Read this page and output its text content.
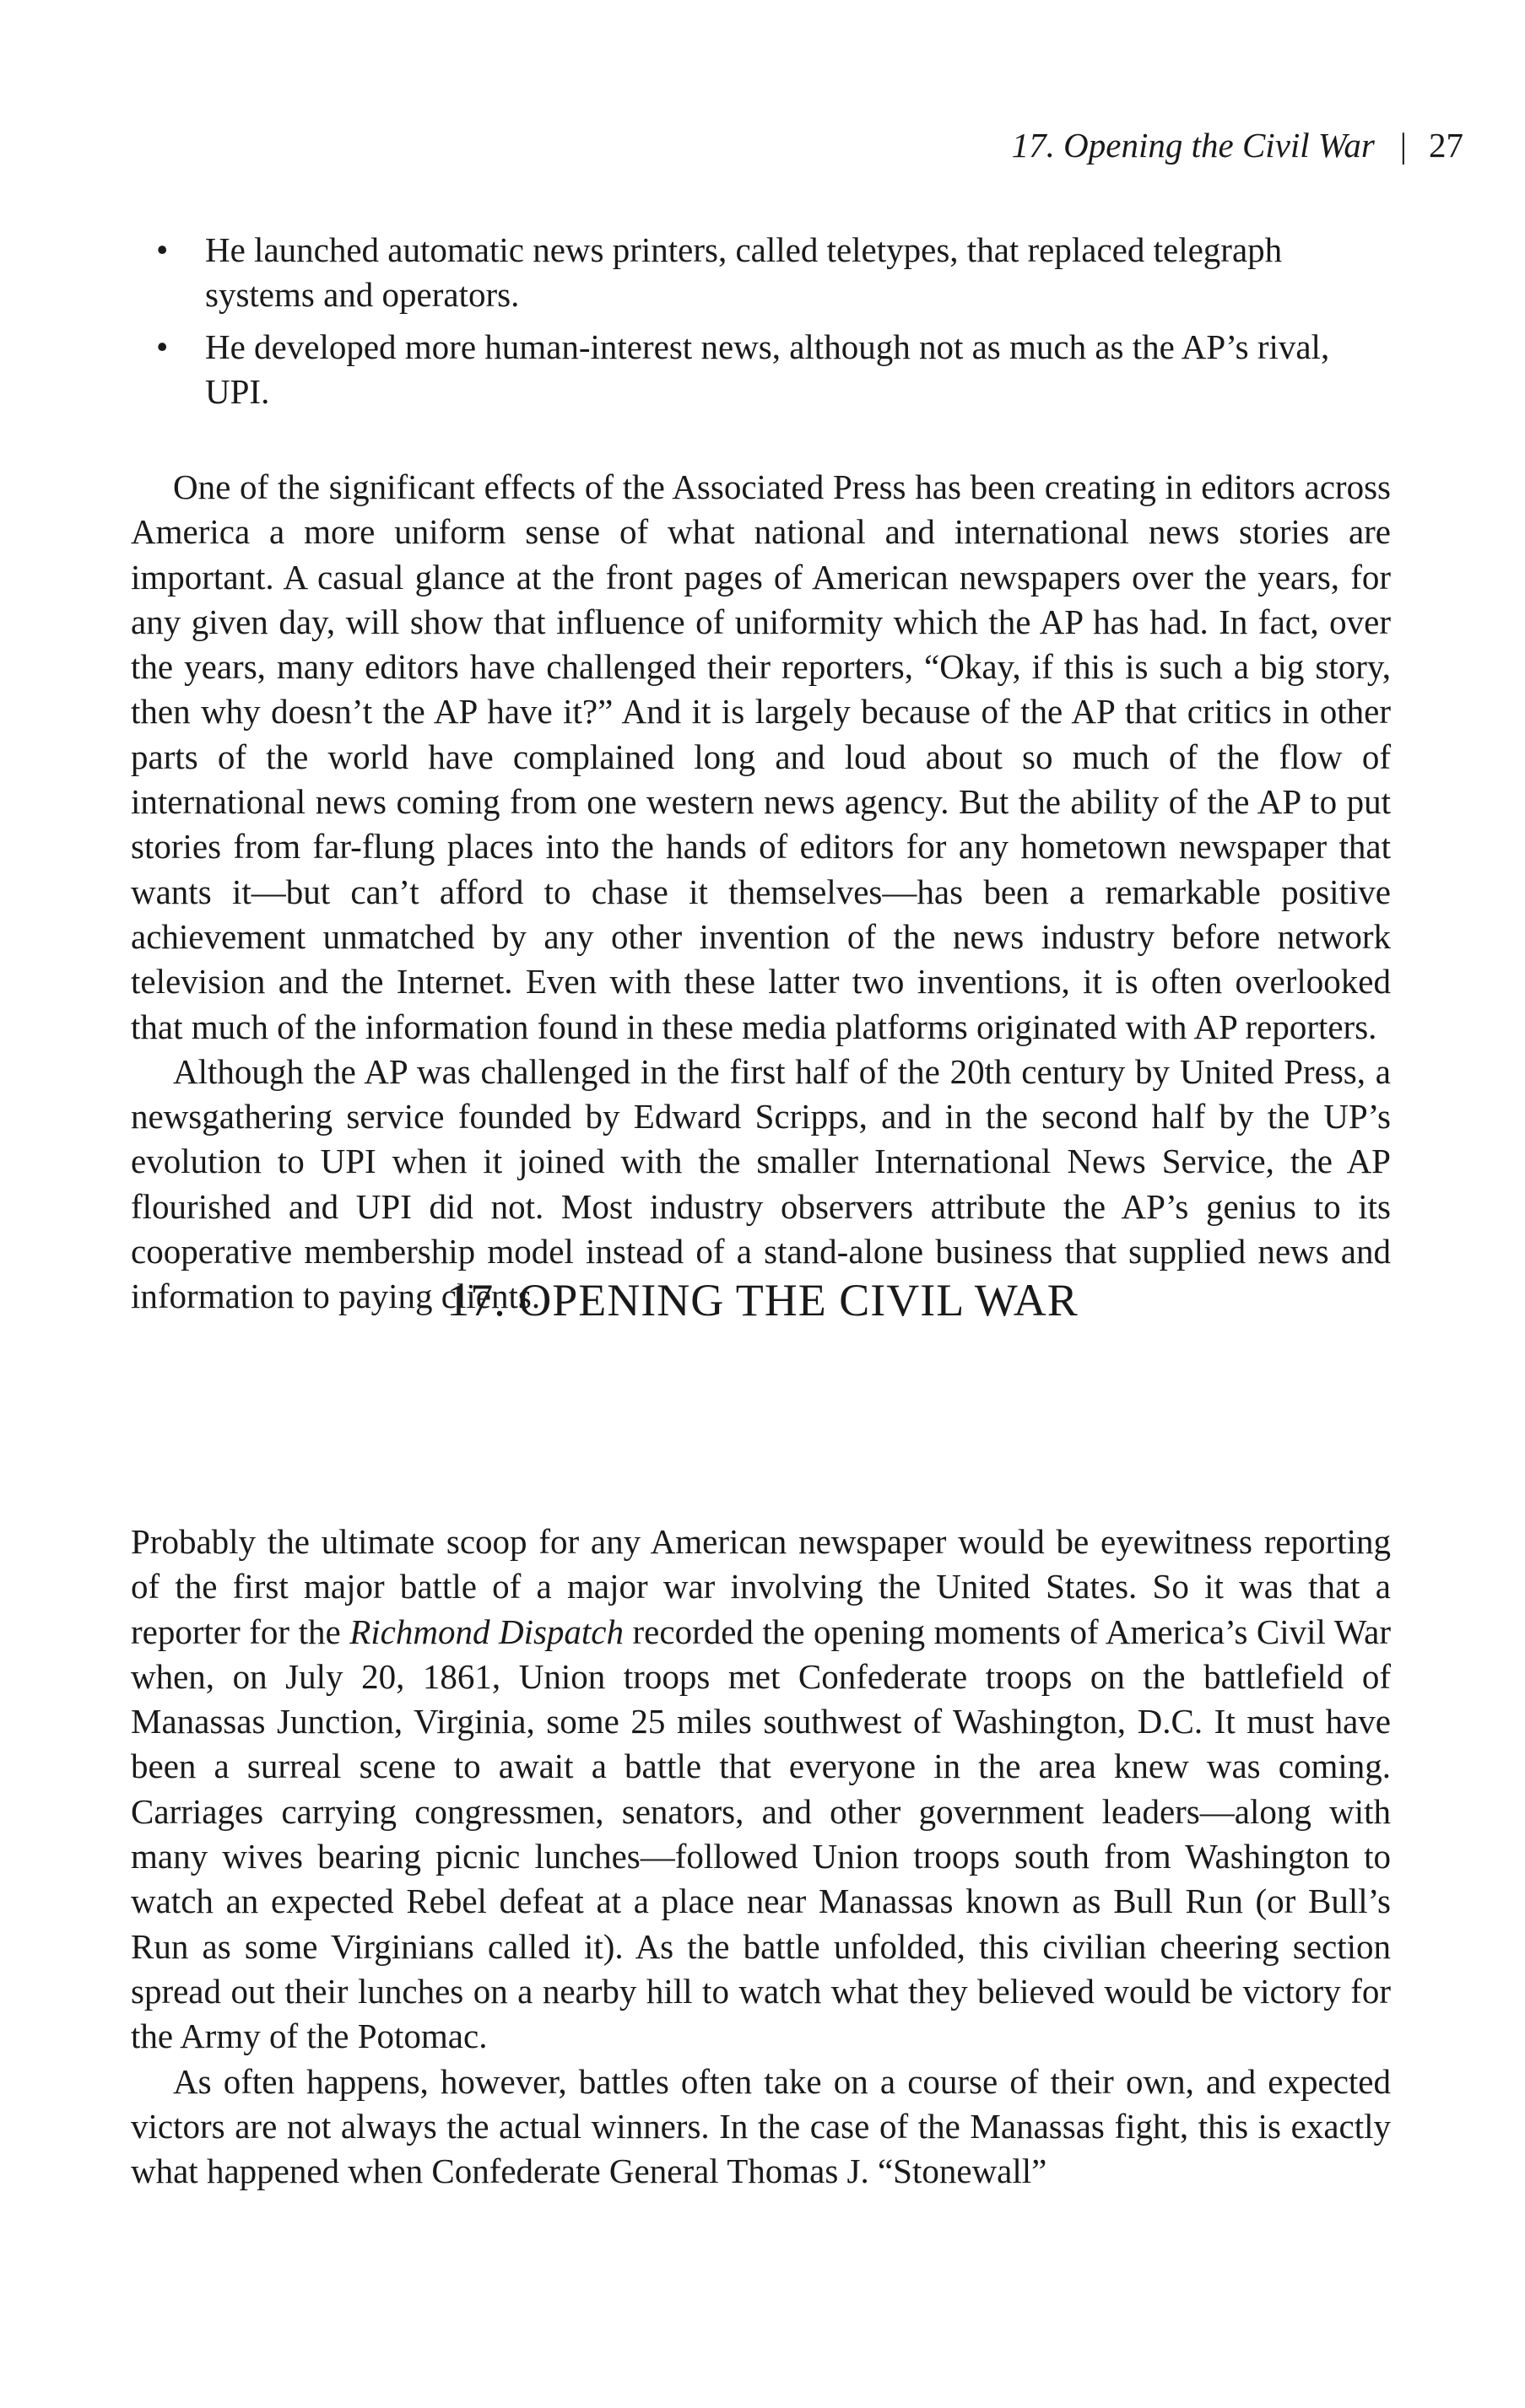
17. Opening the Civil War | 27
• He launched automatic news printers, called teletypes, that replaced telegraph systems and operators.
• He developed more human-interest news, although not as much as the AP’s rival, UPI.

One of the significant effects of the Associated Press has been creating in editors across America a more uniform sense of what national and international news stories are important. A casual glance at the front pages of American newspapers over the years, for any given day, will show that influence of uniformity which the AP has had. In fact, over the years, many editors have challenged their reporters, “Okay, if this is such a big story, then why doesn’t the AP have it?” And it is largely because of the AP that critics in other parts of the world have complained long and loud about so much of the flow of international news coming from one western news agency. But the ability of the AP to put stories from far-flung places into the hands of editors for any hometown newspaper that wants it—but can’t afford to chase it themselves—has been a remarkable positive achievement unmatched by any other invention of the news industry before network television and the Internet. Even with these latter two inventions, it is often overlooked that much of the information found in these media platforms originated with AP reporters.

Although the AP was challenged in the first half of the 20th century by United Press, a newsgathering service founded by Edward Scripps, and in the second half by the UP’s evolution to UPI when it joined with the smaller International News Service, the AP flourished and UPI did not. Most industry observers attribute the AP’s genius to its cooperative membership model instead of a stand-alone business that supplied news and information to paying clients.

17. OPENING THE CIVIL WAR

Probably the ultimate scoop for any American newspaper would be eyewitness reporting of the first major battle of a major war involving the United States. So it was that a reporter for the Richmond Dispatch recorded the opening moments of America’s Civil War when, on July 20, 1861, Union troops met Confederate troops on the battlefield of Manassas Junction, Virginia, some 25 miles southwest of Washington, D.C. It must have been a surreal scene to await a battle that everyone in the area knew was coming. Carriages carrying congressmen, senators, and other government leaders—along with many wives bearing picnic lunches—followed Union troops south from Washington to watch an expected Rebel defeat at a place near Manassas known as Bull Run (or Bull’s Run as some Virginians called it). As the battle unfolded, this civilian cheering section spread out their lunches on a nearby hill to watch what they believed would be victory for the Army of the Potomac.

As often happens, however, battles often take on a course of their own, and expected victors are not always the actual winners. In the case of the Manassas fight, this is exactly what happened when Confederate General Thomas J. “Stonewall”
